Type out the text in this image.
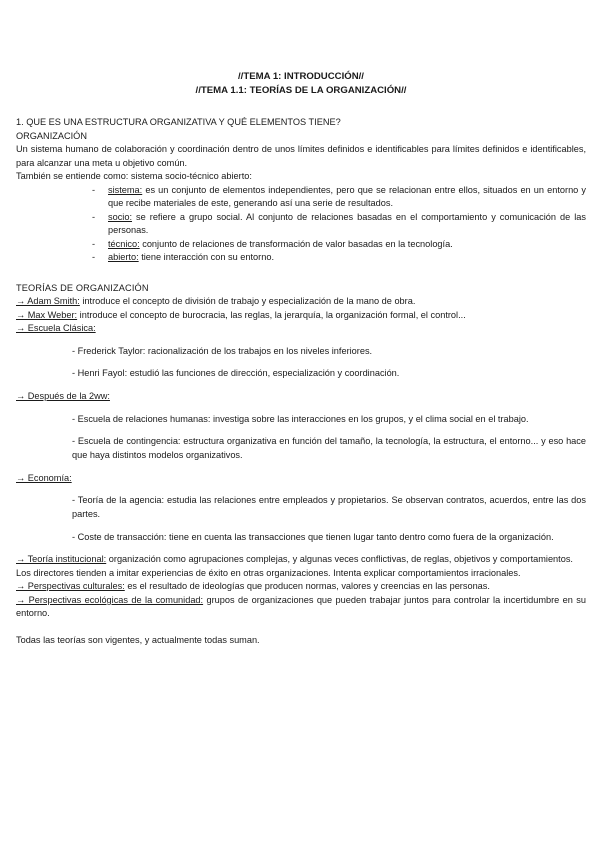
//TEMA 1: INTRODUCCIÓN//

//TEMA 1.1: TEORÍAS DE LA ORGANIZACIÓN//

1. QUE ES UNA ESTRUCTURA ORGANIZATIVA Y QUÉ ELEMENTOS TIENE?

ORGANIZACIÓN

Un sistema humano de colaboración y coordinación dentro de unos límites definidos e identificables para límites definidos e identificables, para alcanzar una meta u objetivo común.

También se entiende como: sistema socio-técnico abierto:

- sistema: es un conjunto de elementos independientes, pero que se relacionan entre ellos, situados en un entorno y que recibe materiales de este, generando así una serie de resultados.
- socio: se refiere a grupo social. Al conjunto de relaciones basadas en el comportamiento y comunicación de las personas.
- técnico: conjunto de relaciones de transformación de valor basadas en la tecnología.
- abierto: tiene interacción con su entorno.

TEORÍAS DE ORGANIZACIÓN

→ Adam Smith: introduce el concepto de división de trabajo y especialización de la mano de obra.

→ Max Weber: introduce el concepto de burocracia, las reglas, la jerarquía, la organización formal, el control...

→ Escuela Clásica:

- Frederick Taylor: racionalización de los trabajos en los niveles inferiores.

- Henri Fayol: estudió las funciones de dirección, especialización y coordinación.

→ Después de la 2ww:

- Escuela de relaciones humanas: investiga sobre las interacciones en los grupos, y el clima social en el trabajo.

- Escuela de contingencia: estructura organizativa en función del tamaño, la tecnología, la estructura, el entorno... y eso hace que haya distintos modelos organizativos.

→ Economía:

- Teoría de la agencia: estudia las relaciones entre empleados y propietarios. Se observan contratos, acuerdos, entre las dos partes.

- Coste de transacción: tiene en cuenta las transacciones que tienen lugar tanto dentro como fuera de la organización.

→ Teoría institucional: organización como agrupaciones complejas, y algunas veces conflictivas, de reglas, objetivos y comportamientos.

Los directores tienden a imitar experiencias de éxito en otras organizaciones. Intenta explicar comportamientos irracionales.

→ Perspectivas culturales: es el resultado de ideologías que producen normas, valores y creencias en las personas.

→ Perspectivas ecológicas de la comunidad: grupos de organizaciones que pueden trabajar juntos para controlar la incertidumbre en su entorno.

Todas las teorías son vigentes, y actualmente todas suman.
